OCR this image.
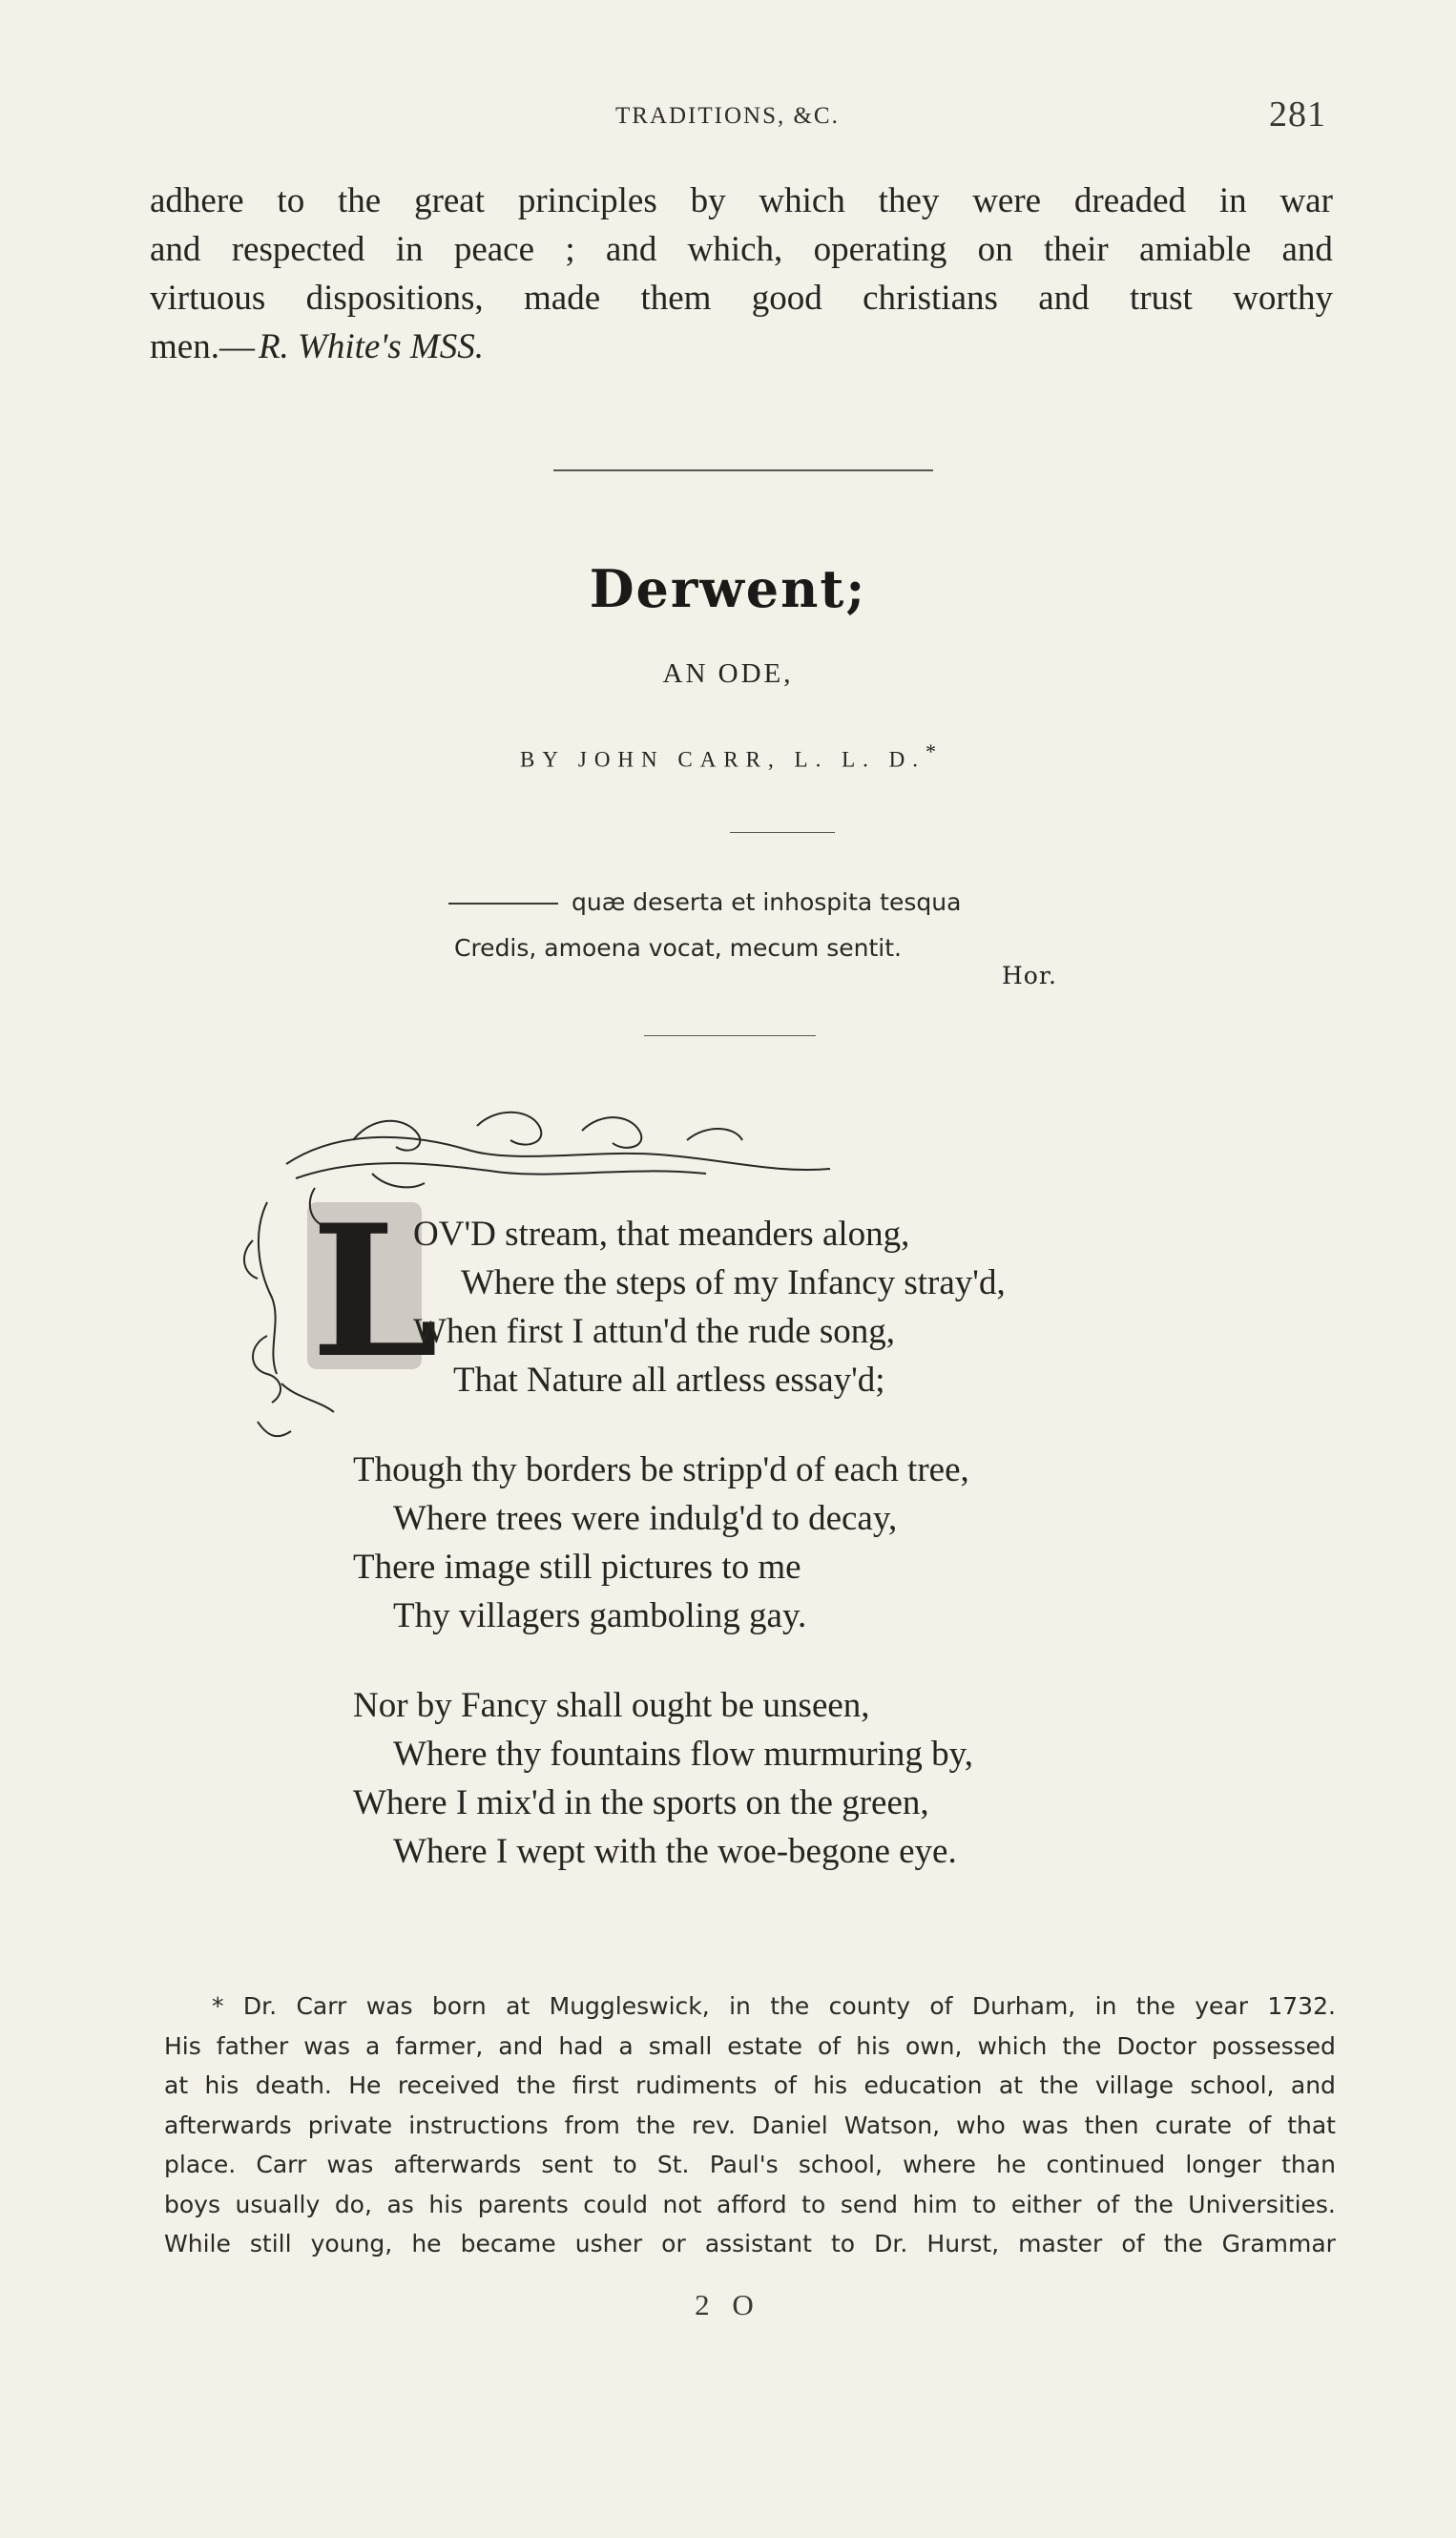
TRADITIONS, &C.	281
adhere to the great principles by which they were dreaded in war
and respected in peace ; and which, operating on their amiable and
virtuous dispositions, made them good christians and trust worthy
men.— R. White's MSS.
Derwent;
AN ODE,
BY JOHN CARR, L. L. D.*
quæ deserta et inhospita tesqua
Credis, amoena vocat, mecum sentit.
Hor.
L
OV'D stream, that meanders along,
Where the steps of my Infancy stray'd,
When first I attun'd the rude song,
That Nature all artless essay'd;
Though thy borders be stripp'd of each tree,
Where trees were indulg'd to decay,
There image still pictures to me
Thy villagers gamboling gay.
Nor by Fancy shall ought be unseen,
Where thy fountains flow murmuring by,
Where I mix'd in the sports on the green,
Where I wept with the woe-begone eye.
* Dr. Carr was born at Muggleswick, in the county of Durham, in the year 1732.
His father was a farmer, and had a small estate of his own, which the Doctor possessed
at his death. He received the first rudiments of his education at the village school, and
afterwards private instructions from the rev. Daniel Watson, who was then curate of that
place. Carr was afterwards sent to St. Paul's school, where he continued longer than
boys usually do, as his parents could not afford to send him to either of the Universities.
While still young, he became usher or assistant to Dr. Hurst, master of the Grammar
2 O
